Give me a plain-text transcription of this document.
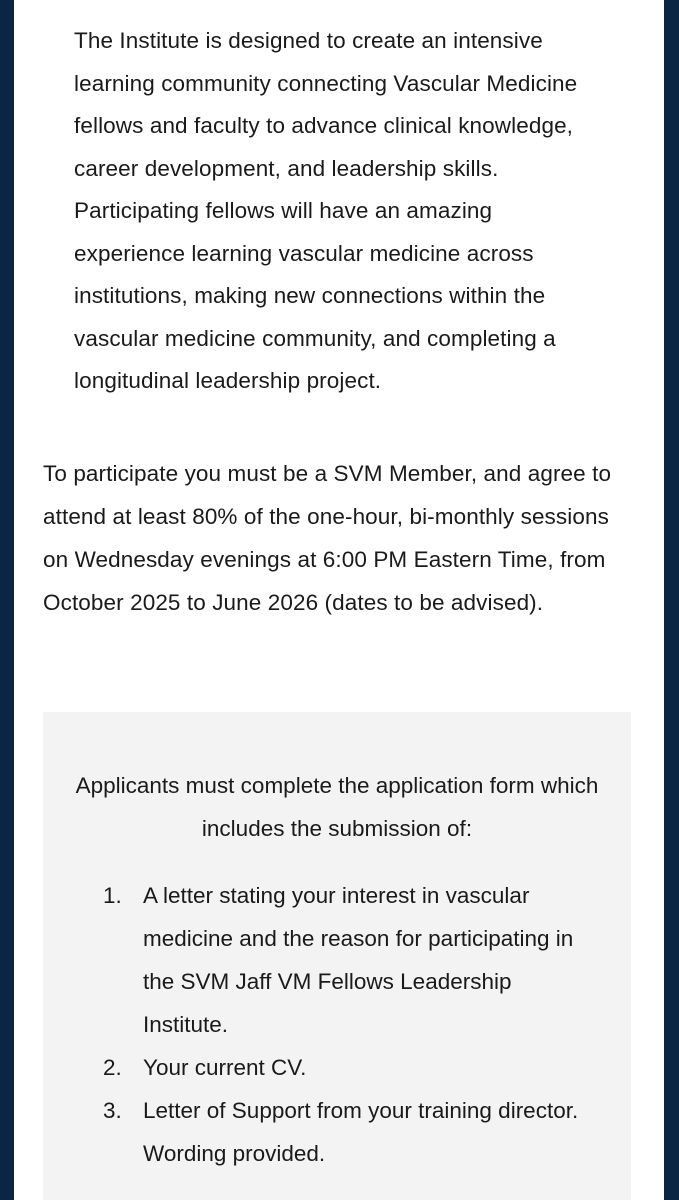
The Institute is designed to create an intensive learning community connecting Vascular Medicine fellows and faculty to advance clinical knowledge, career development, and leadership skills. Participating fellows will have an amazing experience learning vascular medicine across institutions, making new connections within the vascular medicine community, and completing a longitudinal leadership project.

To participate you must be a SVM Member, and agree to attend at least 80% of the one-hour, bi-monthly sessions on Wednesday evenings at 6:00 PM Eastern Time, from October 2025 to June 2026 (dates to be advised).

Applicants must complete the application form which includes the submission of:

1. A letter stating your interest in vascular medicine and the reason for participating in the SVM Jaff VM Fellows Leadership Institute.
2. Your current CV.
3. Letter of Support from your training director. Wording provided.
